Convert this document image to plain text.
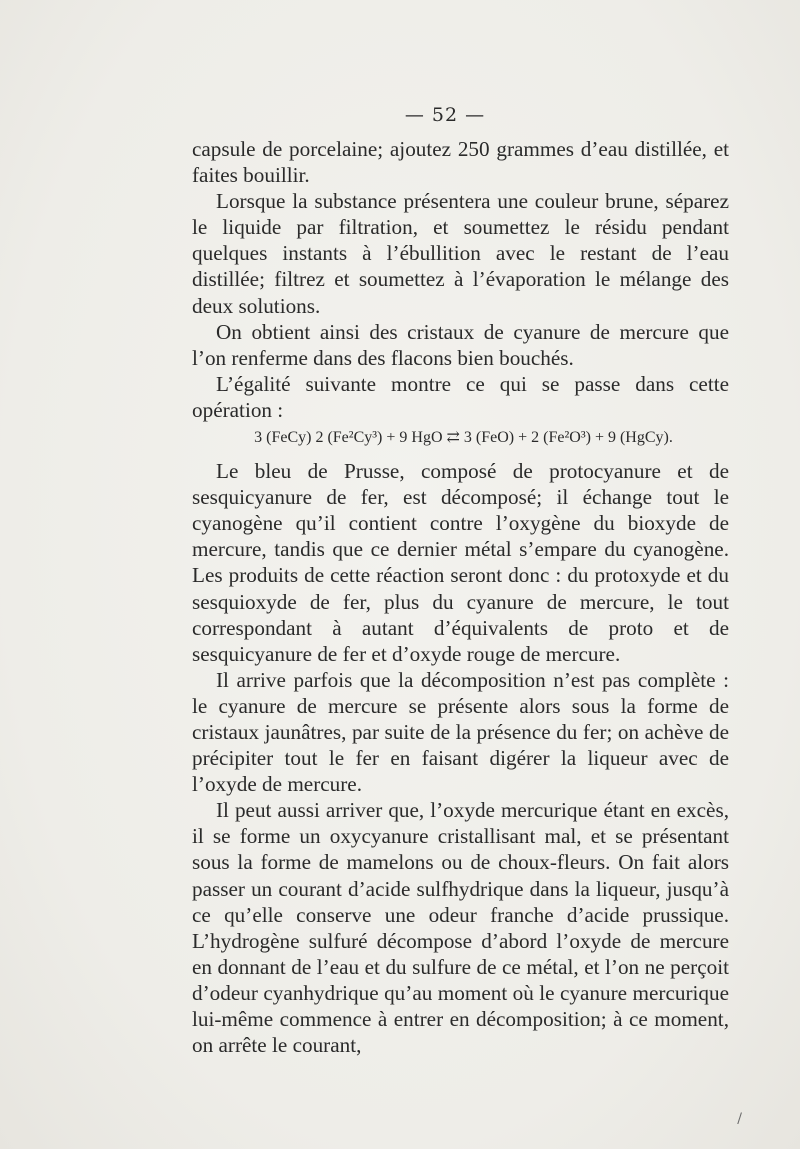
— 52 —

capsule de porcelaine; ajoutez 250 grammes d’eau distillée, et faites bouillir.

Lorsque la substance présentera une couleur brune, séparez le liquide par filtration, et soumettez le résidu pendant quelques instants à l’ébullition avec le restant de l’eau distillée; filtrez et soumettez à l’évaporation le mélange des deux solutions.

On obtient ainsi des cristaux de cyanure de mercure que l’on renferme dans des flacons bien bouchés.

L’égalité suivante montre ce qui se passe dans cette opération :

3 (FeCy) 2 (Fe²Cy³) + 9 HgO ⇄ 3 (FeO) + 2 (Fe²O³) + 9 (HgCy).

Le bleu de Prusse, composé de protocyanure et de sesquicyanure de fer, est décomposé; il échange tout le cyanogène qu’il contient contre l’oxygène du bioxyde de mercure, tandis que ce dernier métal s’empare du cyanogène. Les produits de cette réaction seront donc : du protoxyde et du sesquioxyde de fer, plus du cyanure de mercure, le tout correspondant à autant d’équivalents de proto et de sesquicyanure de fer et d’oxyde rouge de mercure.

Il arrive parfois que la décomposition n’est pas complète : le cyanure de mercure se présente alors sous la forme de cristaux jaunâtres, par suite de la présence du fer; on achève de précipiter tout le fer en faisant digérer la liqueur avec de l’oxyde de mercure.

Il peut aussi arriver que, l’oxyde mercurique étant en excès, il se forme un oxycyanure cristallisant mal, et se présentant sous la forme de mamelons ou de choux-fleurs. On fait alors passer un courant d’acide sulfhydrique dans la liqueur, jusqu’à ce qu’elle conserve une odeur franche d’acide prussique. L’hydrogène sulfuré décompose d’abord l’oxyde de mercure en donnant de l’eau et du sulfure de ce métal, et l’on ne perçoit d’odeur cyanhydrique qu’au moment où le cyanure mercurique lui-même commence à entrer en décomposition; à ce moment, on arrête le courant,

/
